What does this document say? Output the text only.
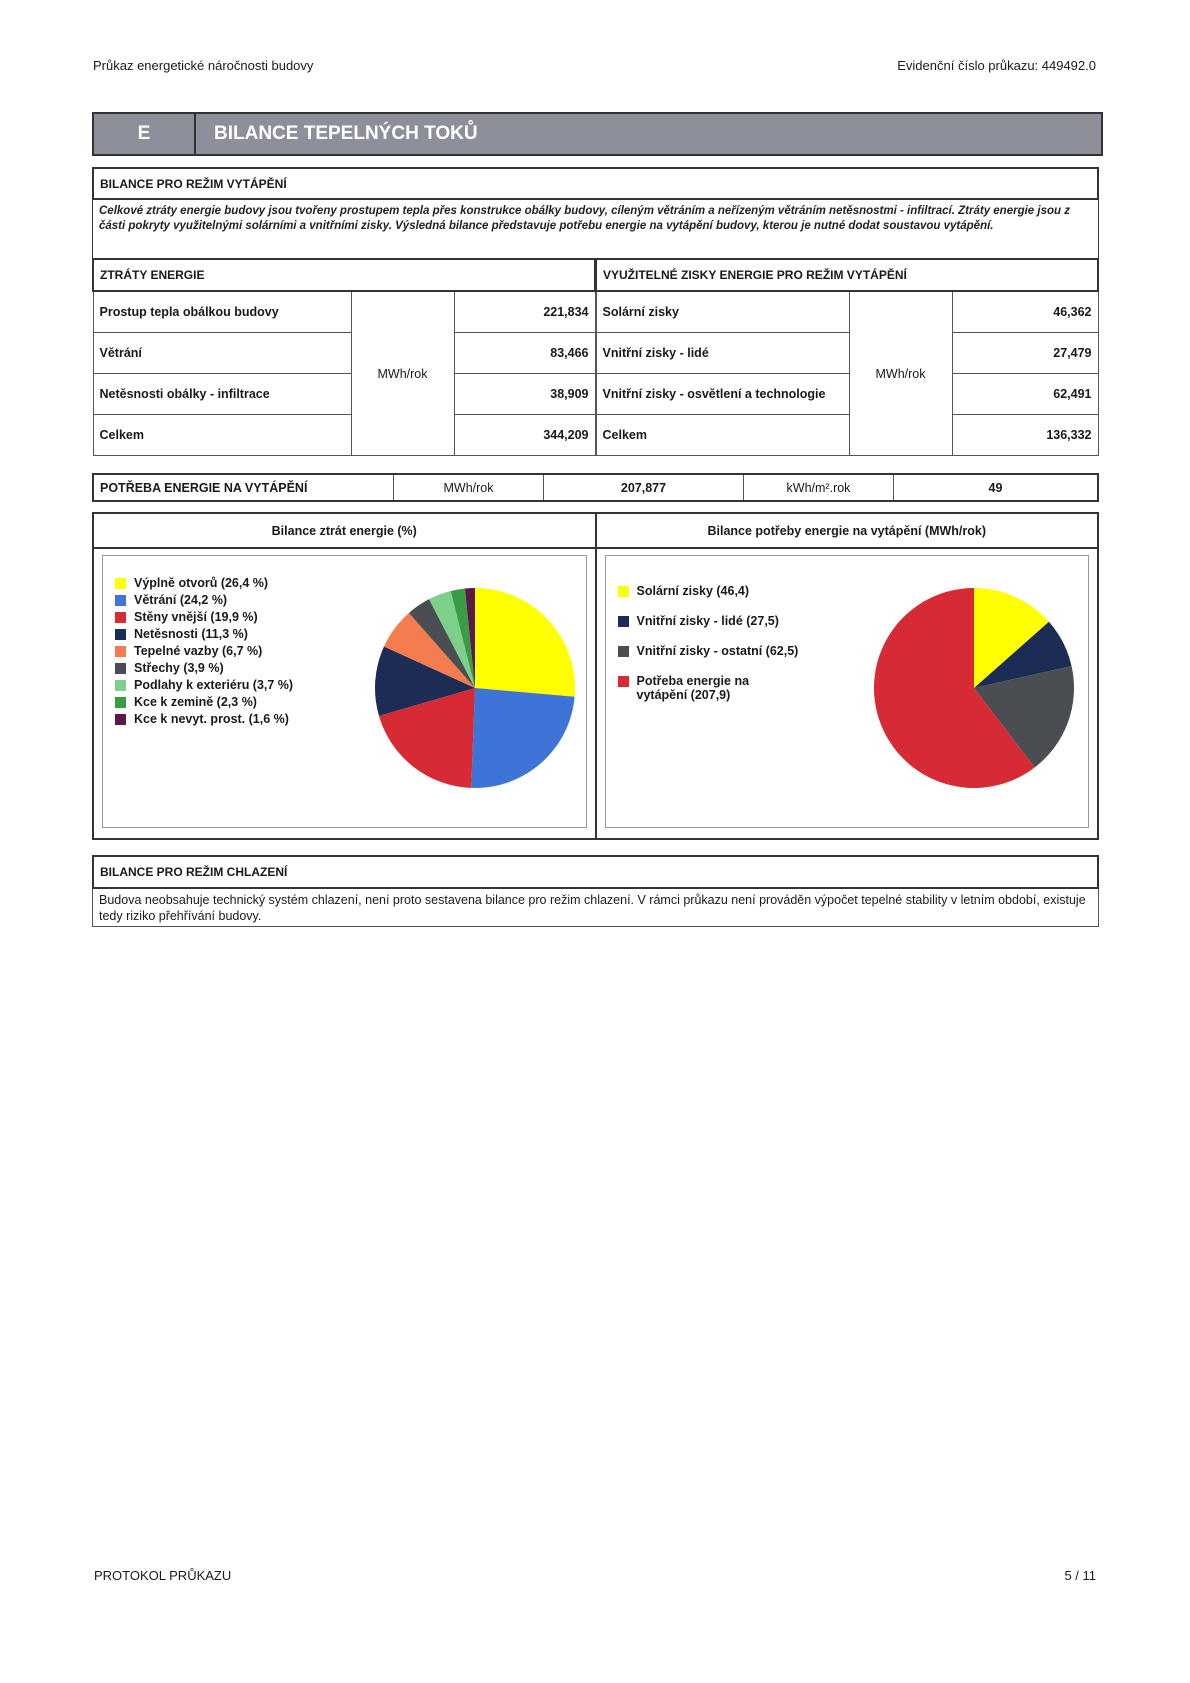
Průkaz energetické náročnosti budovy	Evidenční číslo průkazu: 449492.0
E	BILANCE TEPELNÝCH TOKŮ
BILANCE PRO REŽIM VYTÁPĚNÍ
Celkové ztráty energie budovy jsou tvořeny prostupem tepla přes konstrukce obálky budovy, cíleným větráním a neřízeným větráním netěsnostmi - infiltrací. Ztráty energie jsou z části pokryty využitelnými solárními a vnitřními zisky. Výsledná bilance představuje potřebu energie na vytápění budovy, kterou je nutné dodat soustavou vytápění.
ZTRÁTY ENERGIE		
Prostup tepla obálkou budovy	MWh/rok	221,834
Větrání		83,466
Netěsnosti obálky - infiltrace		38,909
Celkem		344,209
VYUŽITELNÉ ZISKY ENERGIE PRO REŽIM VYTÁPĚNÍ		
Solární zisky	MWh/rok	46,362
Vnitřní zisky - lidé		27,479
Vnitřní zisky - osvětlení a technologie		62,491
Celkem		136,332
POTŘEBA ENERGIE NA VYTÁPĚNÍ	MWh/rok	207,877	kWh/m².rok	49
Bilance ztrát energie (%)
Výplně otvorů (26,4 %)
Větrání (24,2 %)
Stěny vnější (19,9 %)
Netěsnosti (11,3 %)
Tepelné vazby (6,7 %)
Střechy (3,9 %)
Podlahy k exteriéru (3,7 %)
Kce k zemině (2,3 %)
Kce k nevyt. prost. (1,6 %)
Bilance potřeby energie na vytápění (MWh/rok)
Solární zisky (46,4)
Vnitřní zisky - lidé (27,5)
Vnitřní zisky - ostatní (62,5)
Potřeba energie na vytápění (207,9)
BILANCE PRO REŽIM CHLAZENÍ
Budova neobsahuje technický systém chlazení, není proto sestavena bilance pro režim chlazení. V rámci průkazu není prováděn výpočet tepelné stability v letním období, existuje tedy riziko přehřívání budovy.
PROTOKOL PRŮKAZU	5 / 11
